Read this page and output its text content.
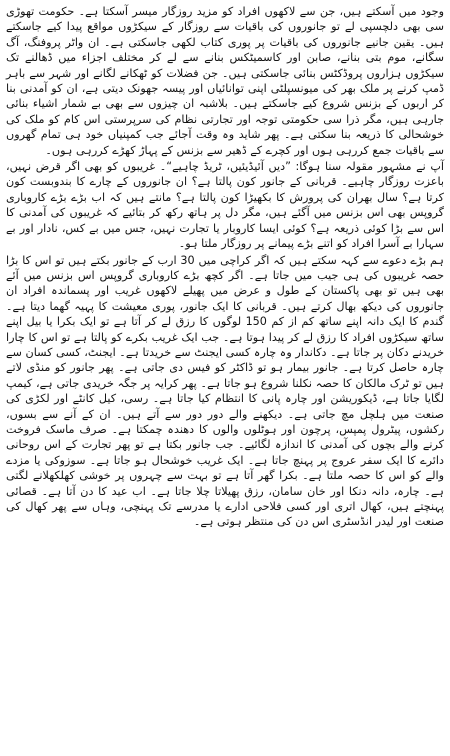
وجود میں آسکتے ہیں، جن سے لاکھوں افراد کو مزید روزگار میسر آسکتا ہے۔ حکومت تھوڑی سی بھی دلچسپی لے تو جانوروں کی باقیات سے روزگار کے سیکڑوں مواقع پیدا کیے جاسکتے ہیں۔ یقین جانیے جانوروں کی باقیات پر پوری کتاب لکھی جاسکتی ہے۔ ان واٹر پروفنگ، آگ سگانے، موم بتی بنانے، صابن اور کاسمیٹکس بنانے سے لے کر مختلف اجزاء میں ڈھالنے تک سیکڑوں ہزاروں پروڈکٹس بنائی جاسکتی ہیں۔ جن فضلات کو ٹھکانے لگانے اور شہر سے باہر ڈمپ کرنے پر ملک بھر کی میونسپلٹی اپنی توانائیاں اور پیسہ جھونک دیتی ہے، ان کو آمدنی بنا کر اربوں کے بزنس شروع کیے جاسکتے ہیں۔ بلاشبہ ان چیزوں سے بھی بے شمار اشیاء بنائی جارہی ہیں، مگر ذرا سی حکومتی توجہ اور تجارتی نظام کی سرپرستی اس کام کو ملک کی خوشحالی کا ذریعہ بنا سکتی ہے۔ پھر شاید وہ وقت آجائے جب کمپنیاں خود ہی تمام گھروں سے باقیات جمع کررہی ہوں اور کچرے کے ڈھیر سے بزنس کے پہاڑ کھڑے کررہی ہوں۔

آپ نے مشہور مقولہ سنا ہوگا: ”دیں آئیڈیئیں، ٹریڈ چاہیے“۔ غریبوں کو بھی اگر قرض نہیں، باعزت روزگار چاہیے۔ قربانی کے جانور کون پالتا ہے؟ ان جانوروں کے چارے کا بندوبست کون کرتا ہے؟ سال بھران کی پرورش کا بکھیڑا کون پالتا ہے؟ مانتے ہیں کہ اب بڑے بڑے کاروباری گروپس بھی اس بزنس میں آگئے ہیں، مگر دل پر ہاتھ رکھ کر بتائیے کہ غریبوں کی آمدنی کا اس سے بڑا کوئی ذریعہ ہے؟ کوئی ایسا کاروبار یا تجارت نہیں، جس میں بے کس، نادار اور بے سہارا بے آسرا افراد کو اتنے بڑے پیمانے پر روزگار ملتا ہو۔

ہم بڑے دعوے سے کہہ سکتے ہیں کہ اگر کراچی میں 30 ارب کے جانور بکتے ہیں تو اس کا بڑا حصہ غریبوں کی ہی جیب میں جاتا ہے۔ اگر کچھ بڑے کاروباری گروپس اس بزنس میں آئے بھی ہیں تو بھی پاکستان کے طول و عرض میں پھیلے لاکھوں غریب اور پسماندہ افراد ان جانوروں کی دیکھ بھال کرتے ہیں۔ قربانی کا ایک جانور، پوری معیشت کا پہیہ گھما دیتا ہے۔ گندم کا ایک دانہ اپنے ساتھ کم از کم 150 لوگوں کا رزق لے کر آتا ہے تو ایک بکرا یا بیل اپنے ساتھ سیکڑوں افراد کا رزق لے کر پیدا ہوتا ہے۔ جب ایک غریب بکرے کو پالتا ہے تو اس کا چارا خریدنے دکان پر جاتا ہے۔ دکاندار وہ چارہ کسی ایجنٹ سے خریدتا ہے۔ ایجنٹ، کسی کسان سے چارہ حاصل کرتا ہے۔ جانور بیمار ہو تو ڈاکٹر کو فیس دی جاتی ہے۔ پھر جانور کو منڈی لاتے ہیں تو ٹرک مالکان کا حصہ نکلنا شروع ہو جاتا ہے۔ پھر کرایہ پر جگہ خریدی جاتی ہے، کیمپ لگایا جاتا ہے، ڈیکوریشن اور چارہ پانی کا انتظام کیا جاتا ہے۔ رسی، کیل کانٹے اور لکڑی کی صنعت میں ہلچل مچ جاتی ہے۔ دیکھنے والے دور دور سے آتے ہیں۔ ان کے آنے سے بسوں، رکشوں، پیٹرول پمپس، پرچون اور ہوٹلوں والوں کا دھندہ چمکتا ہے۔ صرف ماسک فروخت کرنے والے بچوں کی آمدنی کا اندازہ لگائیے۔ جب جانور بکتا ہے تو پھر تجارت کے اس روحانی دائرے کا ایک سفر عروج پر پہنچ جاتا ہے۔ ایک غریب خوشحال ہو جاتا ہے۔ سوزوکی یا مزدے والے کو اس کا حصہ ملتا ہے۔ بکرا گھر آتا ہے تو بہت سے چہروں پر خوشی کھلکھلانے لگتی ہے۔ چارہ، دانہ دنکا اور خان سامان، رزق پھیلاتا چلا جاتا ہے۔ اب عید کا دن آتا ہے۔ قصائی پہنچتے ہیں، کھال اتری اور کسی فلاحی ادارے یا مدرسے تک پہنچی، وہاں سے پھر کھال کی صنعت اور لیدر انڈسٹری اس دن کی منتظر ہوتی ہے۔
